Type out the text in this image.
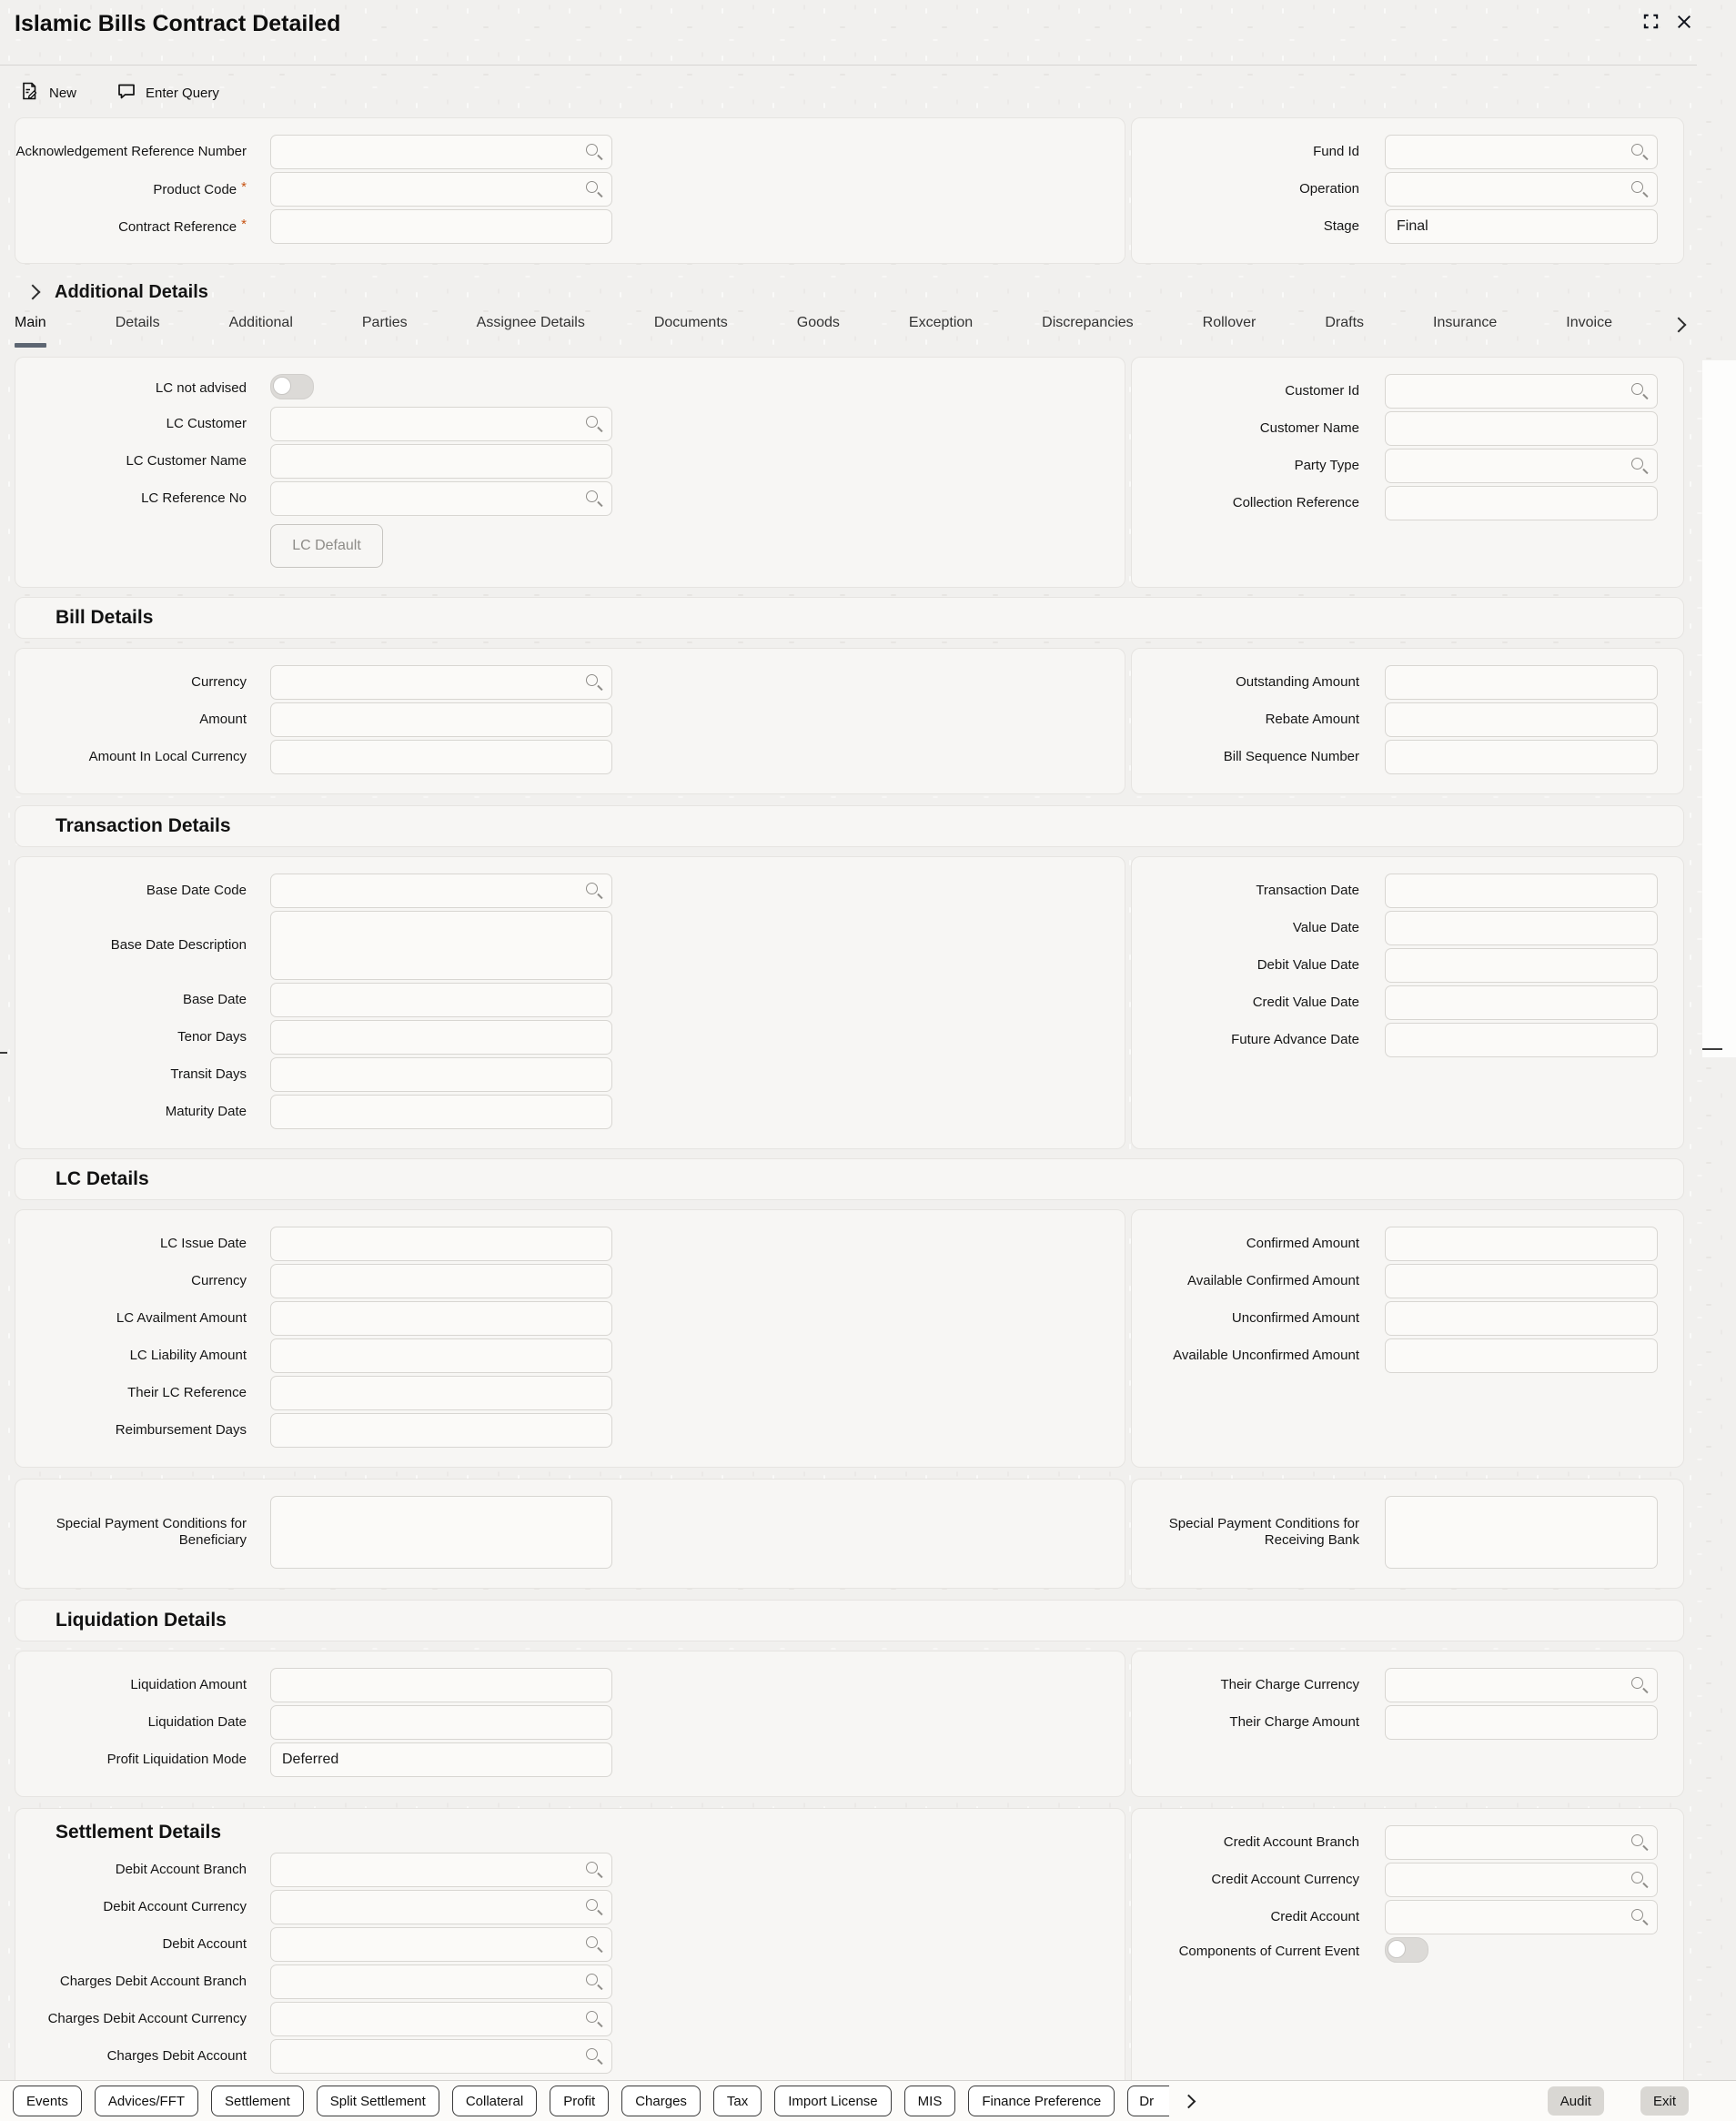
Islamic Bills Contract Detailed
New	Enter Query
Acknowledgement Reference Number
Product Code *
Contract Reference *
Fund Id
Operation
Stage
Final
Additional Details
Main	Details	Additional	Parties	Assignee Details	Documents	Goods	Exception	Discrepancies	Rollover	Drafts	Insurance	Invoice
LC not advised
LC Customer
LC Customer Name
LC Reference No
LC Default
Customer Id
Customer Name
Party Type
Collection Reference
Bill Details
Currency
Amount
Amount In Local Currency
Outstanding Amount
Rebate Amount
Bill Sequence Number
Transaction Details
Base Date Code
Base Date Description
Base Date
Tenor Days
Transit Days
Maturity Date
Transaction Date
Value Date
Debit Value Date
Credit Value Date
Future Advance Date
LC Details
LC Issue Date
Currency
LC Availment Amount
LC Liability Amount
Their LC Reference
Reimbursement Days
Confirmed Amount
Available Confirmed Amount
Unconfirmed Amount
Available Unconfirmed Amount
Special Payment Conditions for Beneficiary
Special Payment Conditions for Receiving Bank
Liquidation Details
Liquidation Amount
Liquidation Date
Profit Liquidation Mode
Deferred
Their Charge Currency
Their Charge Amount
Settlement Details
Debit Account Branch
Debit Account Currency
Debit Account
Charges Debit Account Branch
Charges Debit Account Currency
Charges Debit Account
Credit Account Branch
Credit Account Currency
Credit Account
Components of Current Event
Events	Advices/FFT	Settlement	Split Settlement	Collateral	Profit	Charges	Tax	Import License	MIS	Finance Preference	Dr	Audit	Exit
